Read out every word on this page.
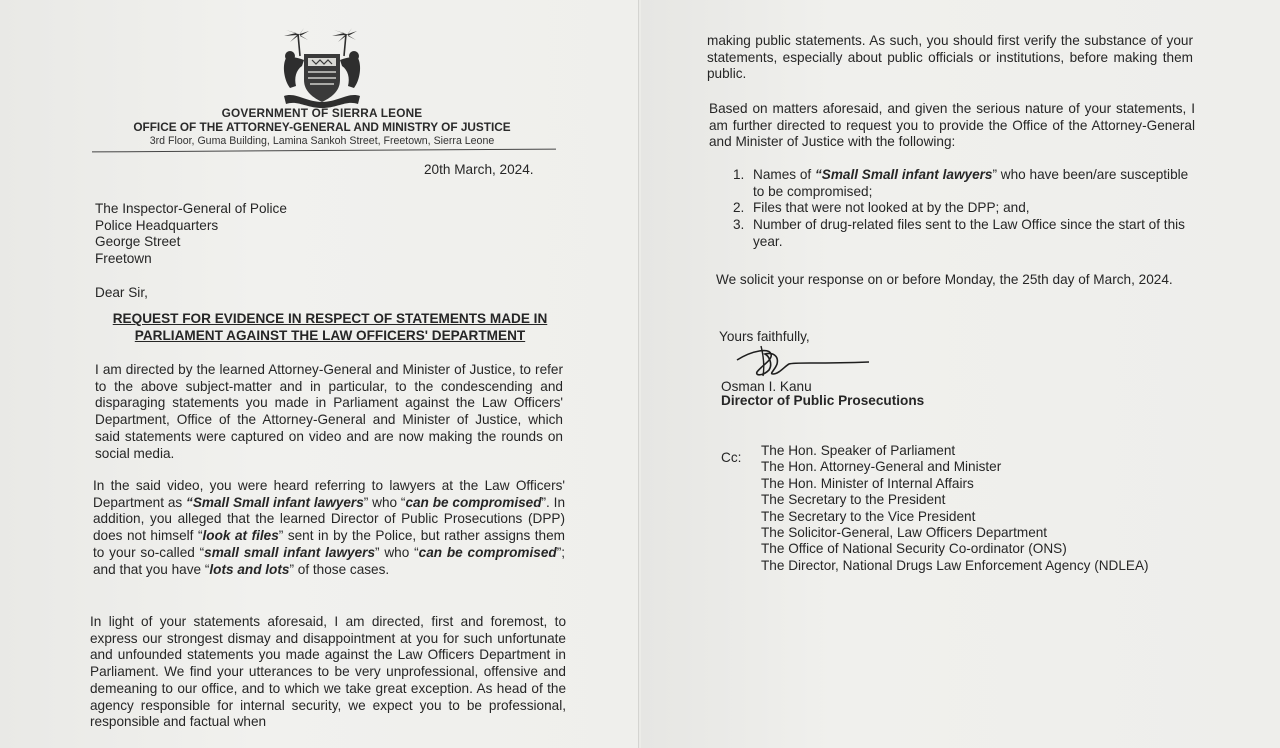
GOVERNMENT OF SIERRA LEONE
OFFICE OF THE ATTORNEY-GENERAL AND MINISTRY OF JUSTICE
3rd Floor, Guma Building, Lamina Sankoh Street, Freetown, Sierra Leone
20th March, 2024.
The Inspector-General of Police
Police Headquarters
George Street
Freetown
Dear Sir,
REQUEST FOR EVIDENCE IN RESPECT OF STATEMENTS MADE IN
PARLIAMENT AGAINST THE LAW OFFICERS' DEPARTMENT
I am directed by the learned Attorney-General and Minister of Justice, to refer to the above subject-matter and in particular, to the condescending and disparaging statements you made in Parliament against the Law Officers' Department, Office of the Attorney-General and Minister of Justice, which said statements were captured on video and are now making the rounds on social media.
In the said video, you were heard referring to lawyers at the Law Officers' Department as “Small Small infant lawyers” who “can be compromised”. In addition, you alleged that the learned Director of Public Prosecutions (DPP) does not himself “look at files” sent in by the Police, but rather assigns them to your so-called “small small infant lawyers” who “can be compromised”; and that you have “lots and lots” of those cases.
In light of your statements aforesaid, I am directed, first and foremost, to express our strongest dismay and disappointment at you for such unfortunate and unfounded statements you made against the Law Officers Department in Parliament. We find your utterances to be very unprofessional, offensive and demeaning to our office, and to which we take great exception. As head of the agency responsible for internal security, we expect you to be professional, responsible and factual when
making public statements. As such, you should first verify the substance of your statements, especially about public officials or institutions, before making them public.
Based on matters aforesaid, and given the serious nature of your statements, I am further directed to request you to provide the Office of the Attorney-General and Minister of Justice with the following:
1. Names of “Small Small infant lawyers” who have been/are susceptible to be compromised;
2. Files that were not looked at by the DPP; and,
3. Number of drug-related files sent to the Law Office since the start of this year.
We solicit your response on or before Monday, the 25th day of March, 2024.
Yours faithfully,
Osman I. Kanu
Director of Public Prosecutions
Cc: The Hon. Speaker of Parliament
The Hon. Attorney-General and Minister
The Hon. Minister of Internal Affairs
The Secretary to the President
The Secretary to the Vice President
The Solicitor-General, Law Officers Department
The Office of National Security Co-ordinator (ONS)
The Director, National Drugs Law Enforcement Agency (NDLEA)
